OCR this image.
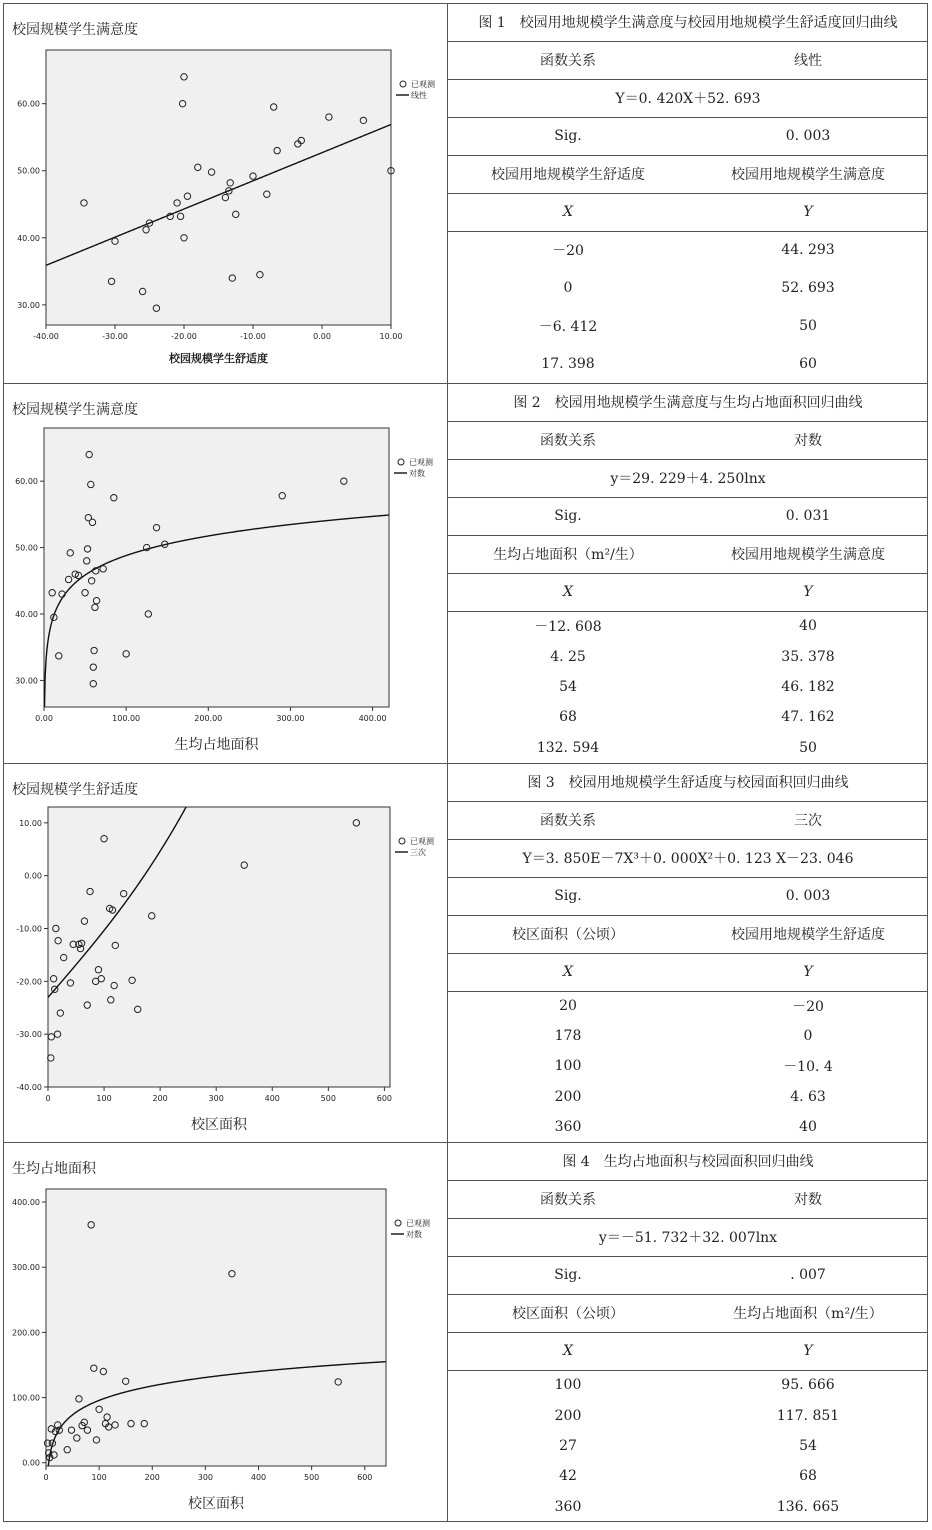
校园规模学生满意度
-40.00	-30.00	-20.00	-10.00	0.00	10.00
30.00
40.00
50.00
60.00
校园规模学生舒适度
已观测
线性
校园规模学生满意度
0.00	100.00	200.00	300.00	400.00
30.00
40.00
50.00
60.00
生均占地面积
已观测
对数
校园规模学生舒适度
0	100	200	300	400	500	600
-40.00
-30.00
-20.00
-10.00
0.00
10.00
校区面积
已观测
三次
生均占地面积
0	100	200	300	400	500	600
0.00
100.00
200.00
300.00
400.00
校区面积
已观测
对数
图 1　校园用地规模学生满意度与校园用地规模学生舒适度回归曲线
函数关系	线性
Y＝0. 420X＋52. 693
Sig.	0. 003
校园用地规模学生舒适度	校园用地规模学生满意度
X	Y
－20	44. 293
0	52. 693
－6. 412	50
17. 398	60
图 2　校园用地规模学生满意度与生均占地面积回归曲线
函数关系	对数
y＝29. 229＋4. 250lnx
Sig.	0. 031
生均占地面积（m²/生）	校园用地规模学生满意度
X	Y
－12. 608	40
4. 25	35. 378
54	46. 182
68	47. 162
132. 594	50
图 3　校园用地规模学生舒适度与校园面积回归曲线
函数关系	三次
Y＝3. 850E－7X³＋0. 000X²＋0. 123 X－23. 046
Sig.	0. 003
校区面积（公顷）	校园用地规模学生舒适度
X	Y
20	－20
178	0
100	－10. 4
200	4. 63
360	40
图 4　生均占地面积与校园面积回归曲线
函数关系	对数
y＝－51. 732＋32. 007lnx
Sig.	. 007
校区面积（公顷）	生均占地面积（m²/生）
X	Y
100	95. 666
200	117. 851
27	54
42	68
360	136. 665
